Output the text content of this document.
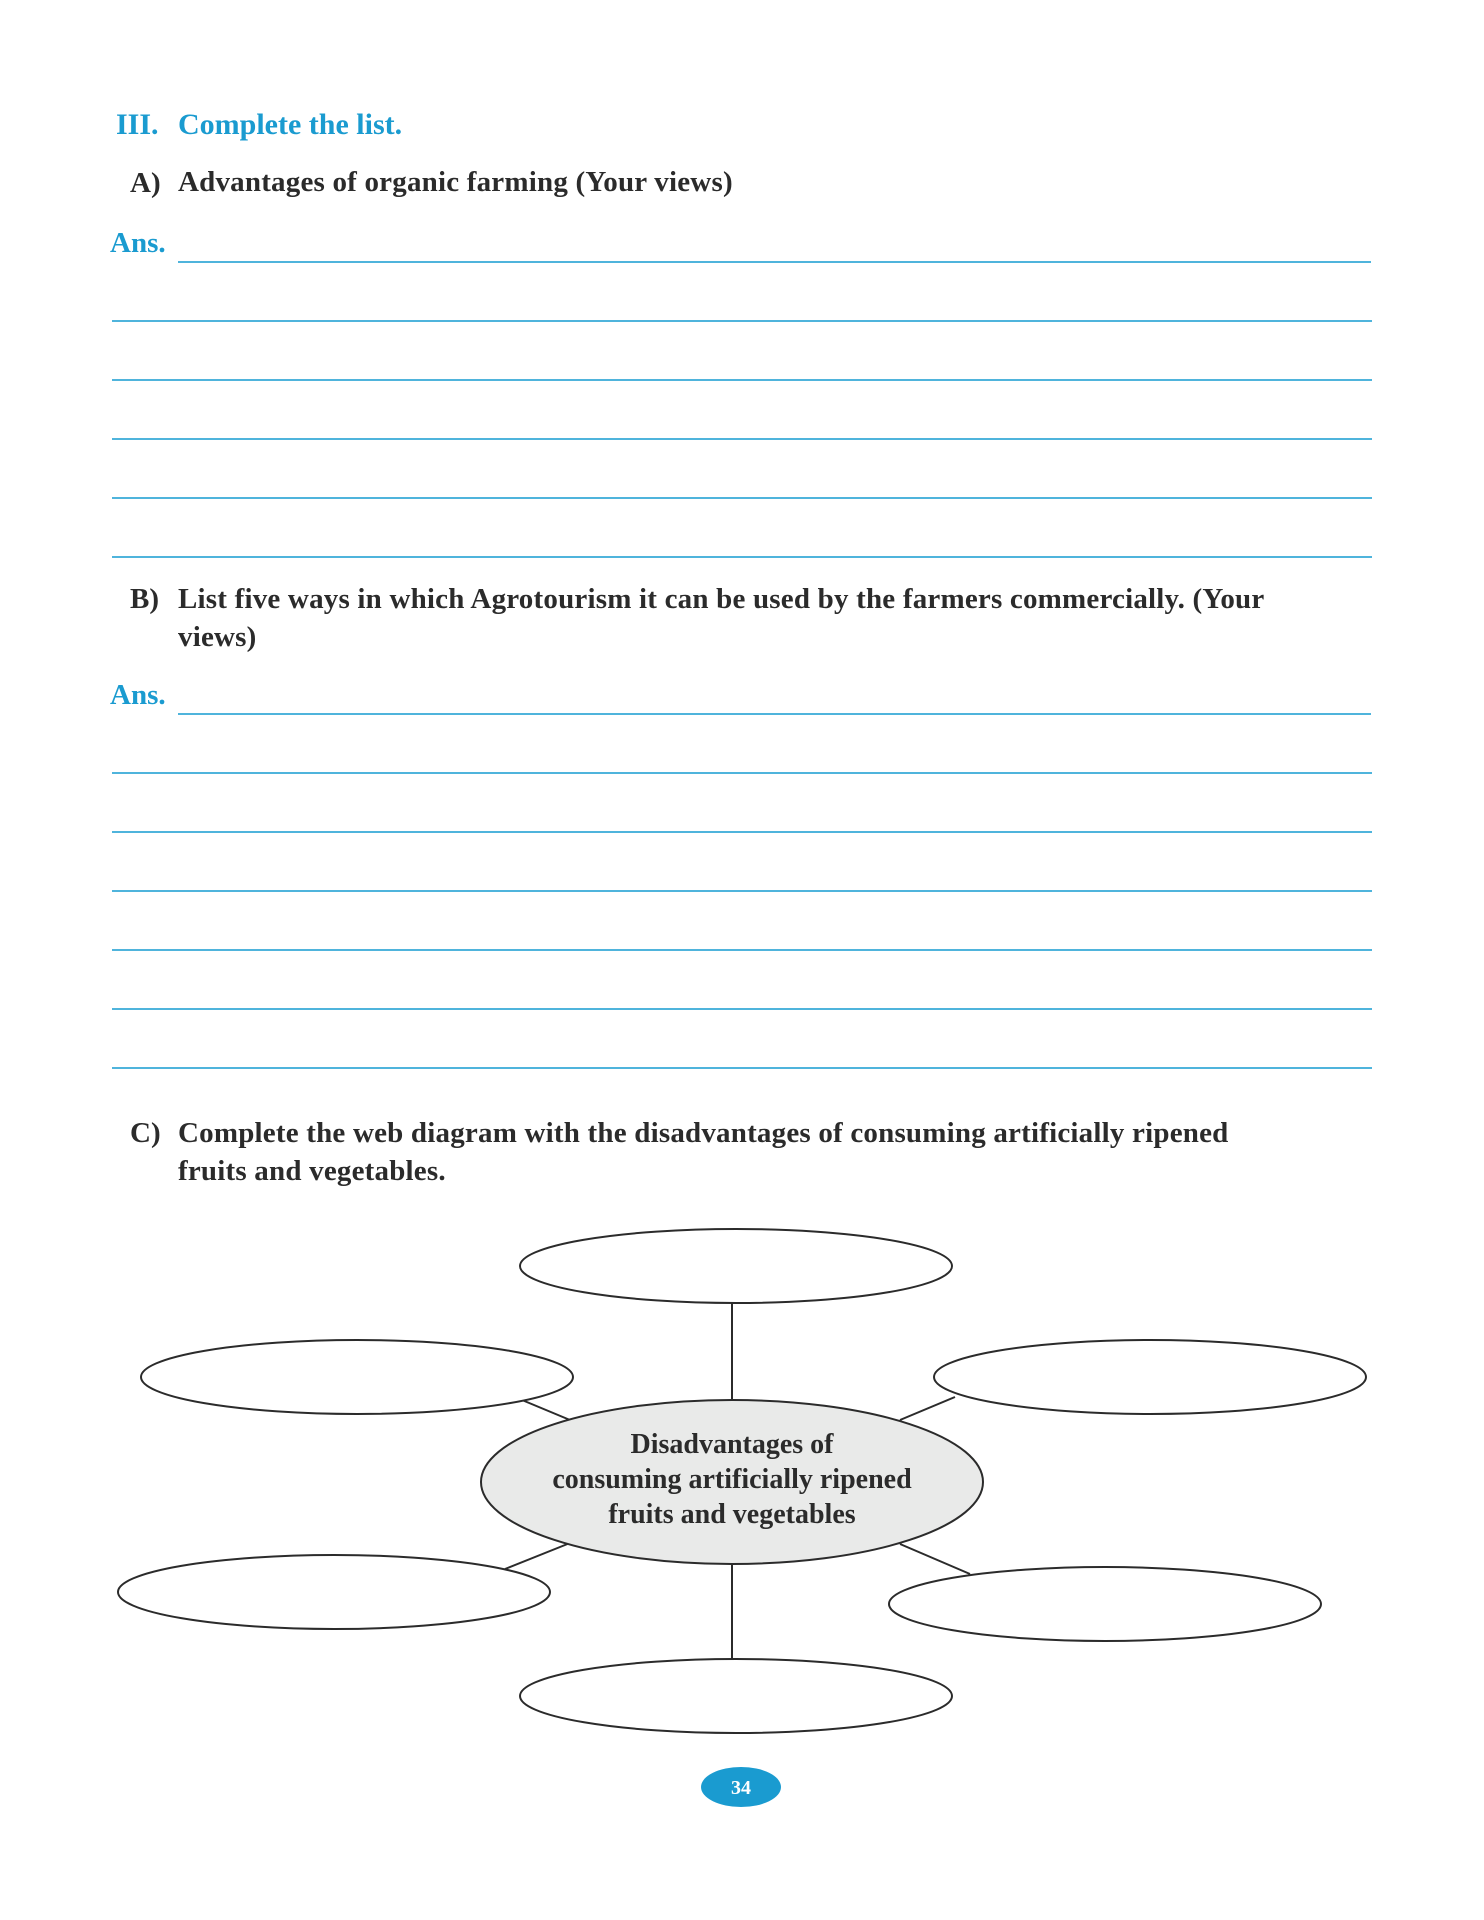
III. Complete the list.
A) Advantages of organic farming (Your views)
Ans.
B) List five ways in which Agrotourism it can be used by the farmers commercially. (Your
views)
Ans.
C) Complete the web diagram with the disadvantages of consuming artificially ripened
fruits and vegetables.
Disadvantages of
consuming artificially ripened
fruits and vegetables
34
